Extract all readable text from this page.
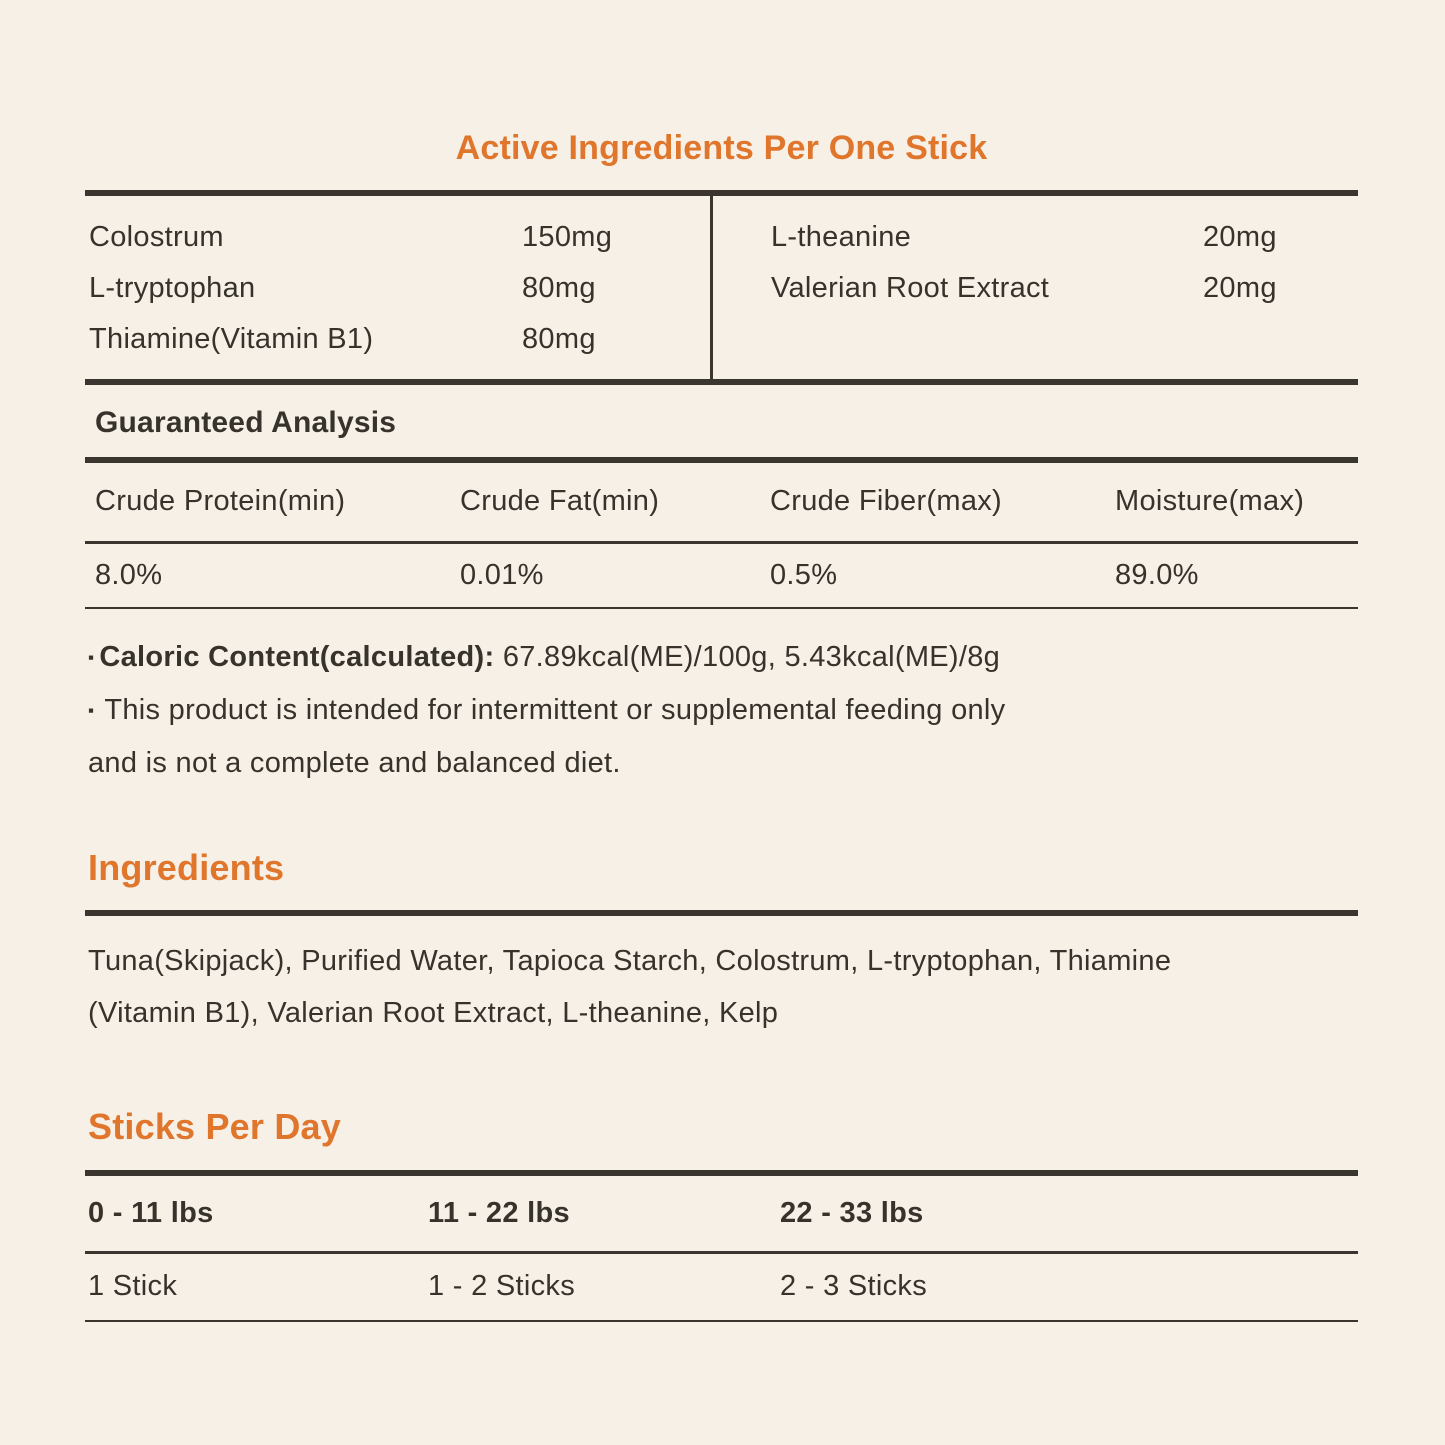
Active Ingredients Per One Stick
Colostrum	150mg
L-tryptophan	80mg
Thiamine(Vitamin B1)	80mg
L-theanine	20mg
Valerian Root Extract	20mg
Guaranteed Analysis
Crude Protein(min)	Crude Fat(min)	Crude Fiber(max)	Moisture(max)
8.0%	0.01%	0.5%	89.0%
▪ Caloric Content(calculated): 67.89kcal(ME)/100g, 5.43kcal(ME)/8g
▪ This product is intended for intermittent or supplemental feeding only
and is not a complete and balanced diet.
Ingredients

Tuna(Skipjack), Purified Water, Tapioca Starch, Colostrum, L-tryptophan, Thiamine
(Vitamin B1), Valerian Root Extract, L-theanine, Kelp

Sticks Per Day
0 - 11 lbs	11 - 22 lbs	22 - 33 lbs
1 Stick	1 - 2 Sticks	2 - 3 Sticks
